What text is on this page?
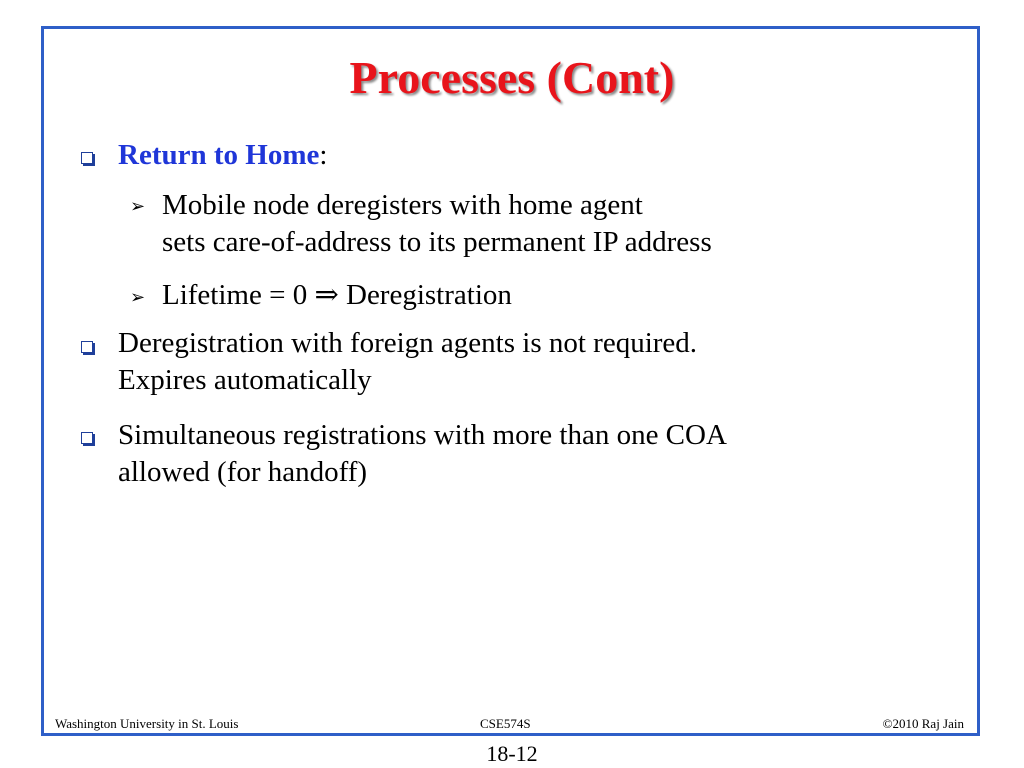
Processes (Cont)
Return to Home:
➢ Mobile node deregisters with home agent
sets care-of-address to its permanent IP address
➢ Lifetime = 0 ⇒ Deregistration
Deregistration with foreign agents is not required.
Expires automatically
Simultaneous registrations with more than one COA
allowed (for handoff)
Washington University in St. Louis	CSE574S	©2010 Raj Jain
18-12
